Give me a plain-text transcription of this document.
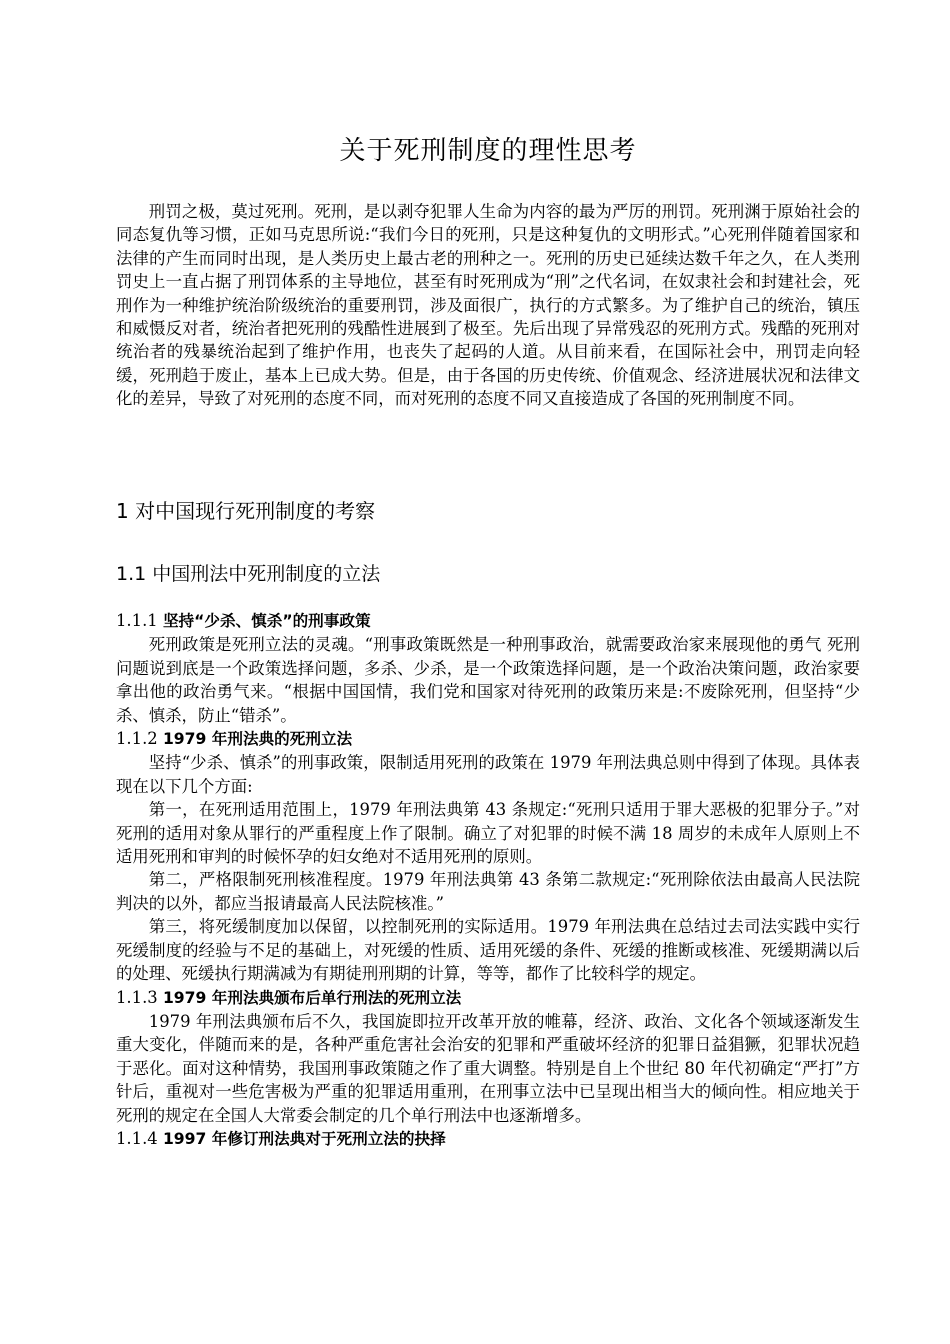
关于死刑制度的理性思考

刑罚之极，莫过死刑。死刑，是以剥夺犯罪人生命为内容的最为严厉的刑罚。死刑渊于原始社会的同态复仇等习惯，正如马克思所说:“我们今日的死刑，只是这种复仇的文明形式。”心死刑伴随着国家和法律的产生而同时出现，是人类历史上最古老的刑种之一。死刑的历史已延续达数千年之久，在人类刑罚史上一直占据了刑罚体系的主导地位，甚至有时死刑成为“刑”之代名词，在奴隶社会和封建社会，死刑作为一种维护统治阶级统治的重要刑罚，涉及面很广，执行的方式繁多。为了维护自己的统治，镇压和威慑反对者，统治者把死刑的残酷性进展到了极至。先后出现了异常残忍的死刑方式。残酷的死刑对统治者的残暴统治起到了维护作用，也丧失了起码的人道。从目前来看，在国际社会中，刑罚走向轻缓，死刑趋于废止，基本上已成大势。但是，由于各国的历史传统、价值观念、经济进展状况和法律文化的差异，导致了对死刑的态度不同，而对死刑的态度不同又直接造成了各国的死刑制度不同。

1 对中国现行死刑制度的考察
1.1 中国刑法中死刑制度的立法

1.1.1 坚持“少杀、慎杀”的刑事政策

死刑政策是死刑立法的灵魂。“刑事政策既然是一种刑事政治，就需要政治家来展现他的勇气 死刑问题说到底是一个政策选择问题，多杀、少杀，是一个政策选择问题，是一个政治决策问题，政治家要拿出他的政治勇气来。“根据中国国情，我们党和国家对待死刑的政策历来是:不废除死刑，但坚持“少杀、慎杀，防止“错杀”。

1.1.2 1979 年刑法典的死刑立法

坚持“少杀、慎杀”的刑事政策，限制适用死刑的政策在 1979 年刑法典总则中得到了体现。具体表现在以下几个方面:

第一，在死刑适用范围上，1979 年刑法典第 43 条规定:“死刑只适用于罪大恶极的犯罪分子。”对死刑的适用对象从罪行的严重程度上作了限制。确立了对犯罪的时候不满 18 周岁的未成年人原则上不适用死刑和审判的时候怀孕的妇女绝对不适用死刑的原则。

第二，严格限制死刑核准程度。1979 年刑法典第 43 条第二款规定:“死刑除依法由最高人民法院判决的以外，都应当报请最高人民法院核准。”

第三，将死缓制度加以保留，以控制死刑的实际适用。1979 年刑法典在总结过去司法实践中实行死缓制度的经验与不足的基础上，对死缓的性质、适用死缓的条件、死缓的推断或核准、死缓期满以后的处理、死缓执行期满减为有期徒刑刑期的计算，等等，都作了比较科学的规定。

1.1.3 1979 年刑法典颁布后单行刑法的死刑立法

1979 年刑法典颁布后不久，我国旋即拉开改革开放的帷幕，经济、政治、文化各个领域逐渐发生重大变化，伴随而来的是，各种严重危害社会治安的犯罪和严重破坏经济的犯罪日益猖獗，犯罪状况趋于恶化。面对这种情势，我国刑事政策随之作了重大调整。特别是自上个世纪 80 年代初确定“严打”方针后，重视对一些危害极为严重的犯罪适用重刑，在刑事立法中已呈现出相当大的倾向性。相应地关于死刑的规定在全国人大常委会制定的几个单行刑法中也逐渐增多。

1.1.4 1997 年修订刑法典对于死刑立法的抉择
